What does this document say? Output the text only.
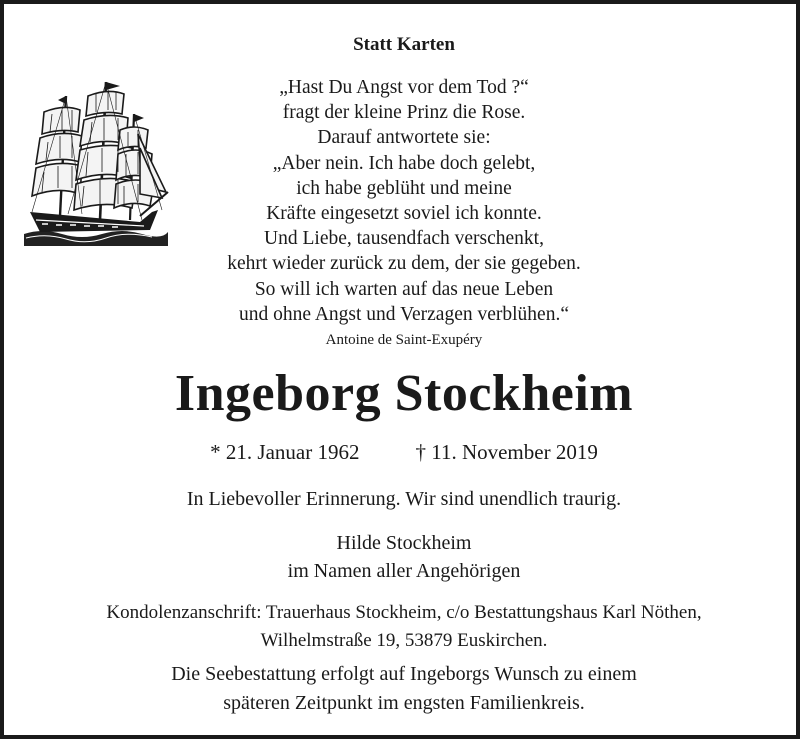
Statt Karten
„Hast Du Angst vor dem Tod ?“
fragt der kleine Prinz die Rose.
Darauf antwortete sie:
„Aber nein. Ich habe doch gelebt,
ich habe geblüht und meine
Kräfte eingesetzt soviel ich konnte.
Und Liebe, tausendfach verschenkt,
kehrt wieder zurück zu dem, der sie gegeben.
So will ich warten auf das neue Leben
und ohne Angst und Verzagen verblühen.“
Antoine de Saint-Exupéry
Ingeborg Stockheim
* 21. Januar 1962	† 11. November 2019
In Liebevoller Erinnerung. Wir sind unendlich traurig.
Hilde Stockheim
im Namen aller Angehörigen
Kondolenzanschrift: Trauerhaus Stockheim, c/o Bestattungshaus Karl Nöthen,
Wilhelmstraße 19, 53879 Euskirchen.
Die Seebestattung erfolgt auf Ingeborgs Wunsch zu einem
späteren Zeitpunkt im engsten Familienkreis.
